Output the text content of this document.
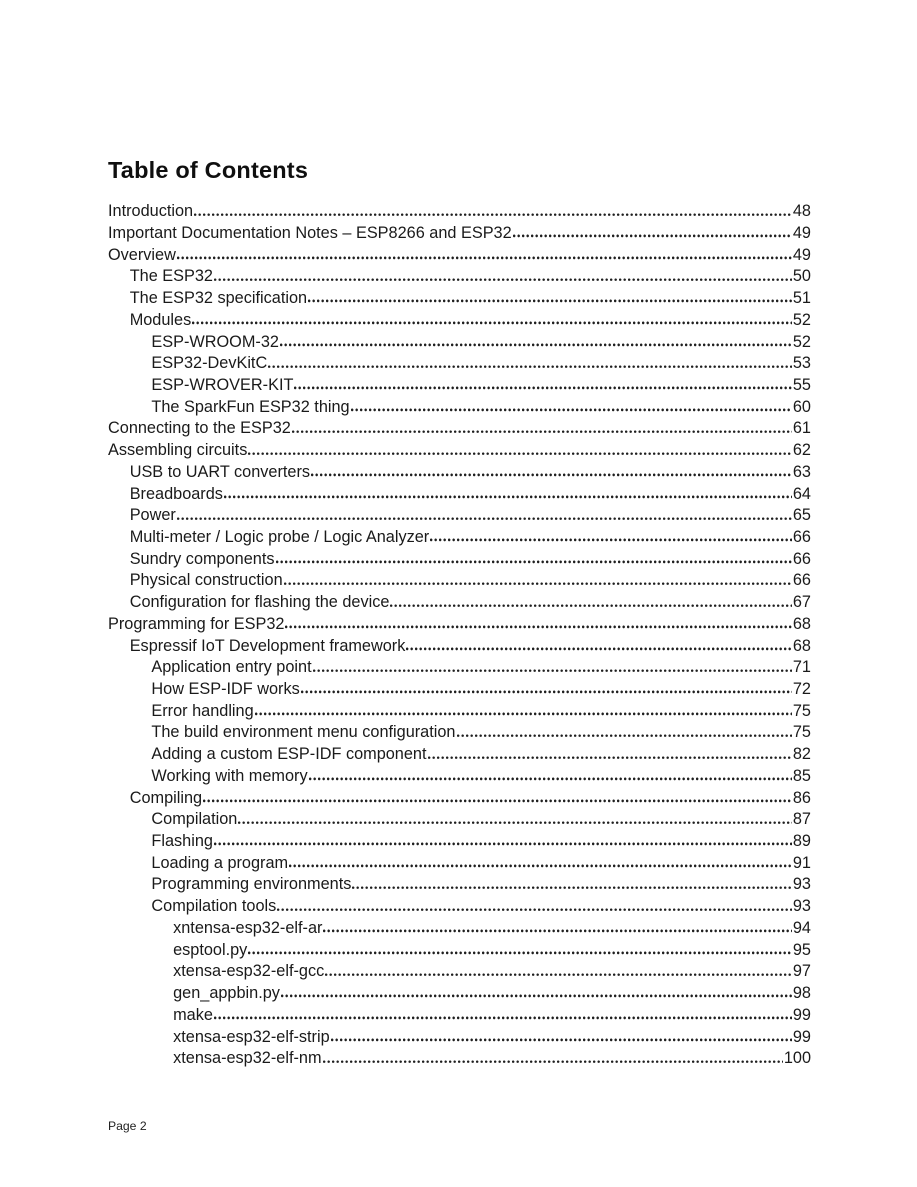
Table of Contents
Introduction	48
Important Documentation Notes – ESP8266 and ESP32	49
Overview	49
The ESP32	50
The ESP32 specification	51
Modules	52
ESP-WROOM-32	52
ESP32-DevKitC	53
ESP-WROVER-KIT	55
The SparkFun ESP32 thing	60
Connecting to the ESP32	61
Assembling circuits	62
USB to UART converters	63
Breadboards	64
Power	65
Multi-meter / Logic probe / Logic Analyzer	66
Sundry components	66
Physical construction	66
Configuration for flashing the device	67
Programming for ESP32	68
Espressif IoT Development framework	68
Application entry point	71
How ESP-IDF works	72
Error handling	75
The build environment menu configuration	75
Adding a custom ESP-IDF component	82
Working with memory	85
Compiling	86
Compilation	87
Flashing	89
Loading a program	91
Programming environments	93
Compilation tools	93
xntensa-esp32-elf-ar	94
esptool.py	95
xtensa-esp32-elf-gcc	97
gen_appbin.py	98
make	99
xtensa-esp32-elf-strip	99
xtensa-esp32-elf-nm	100
Page 2
